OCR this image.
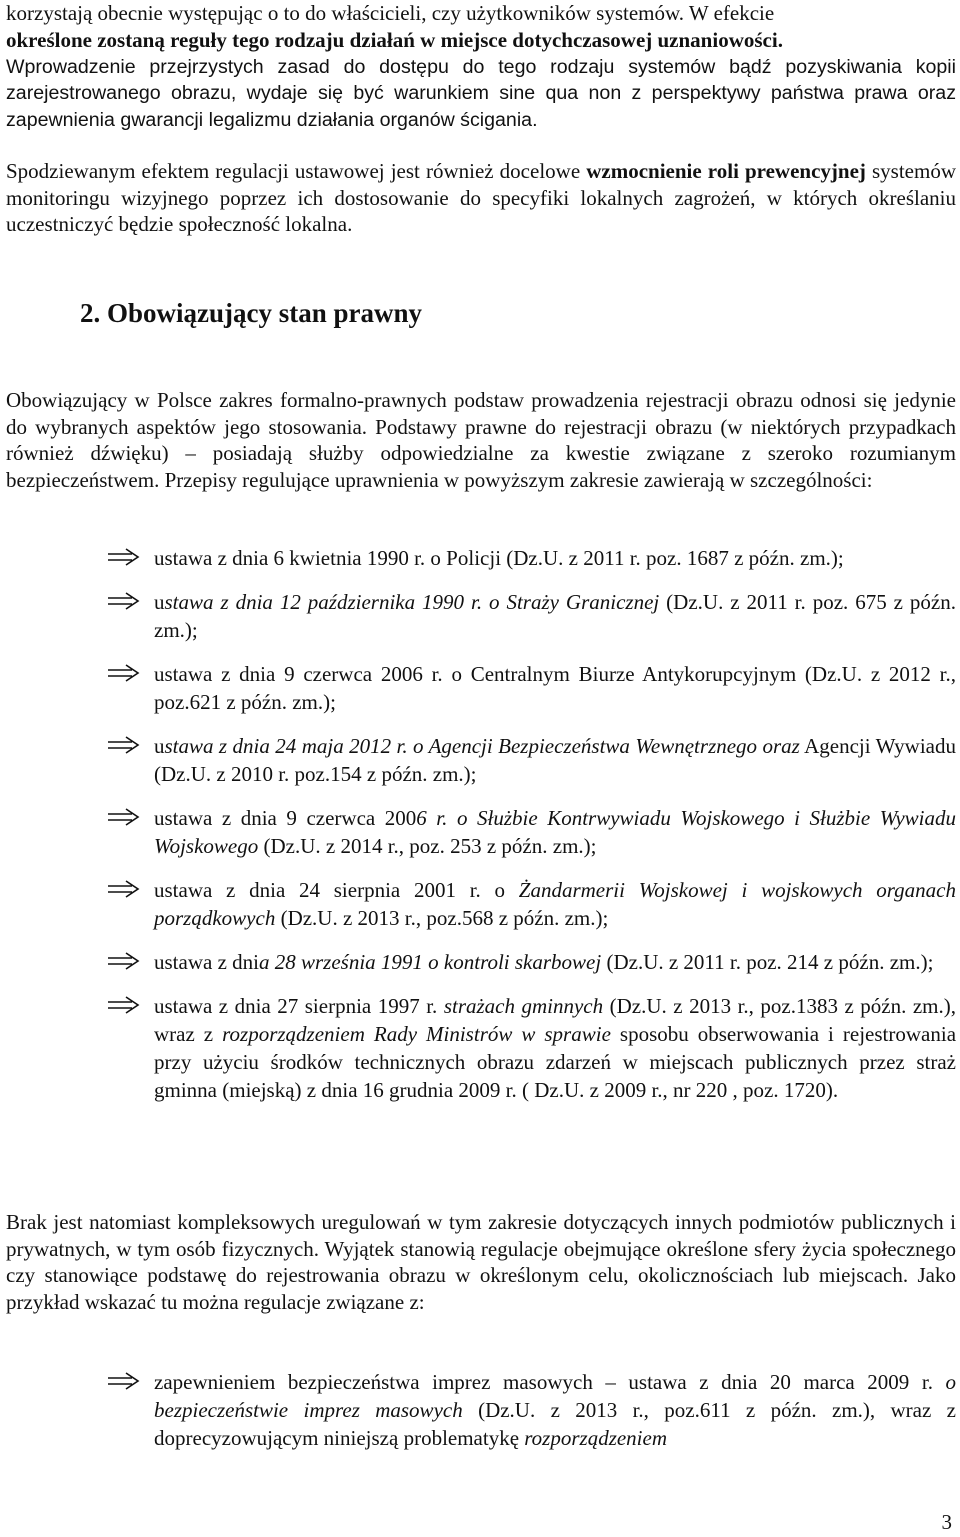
korzystają obecnie występując o to do właścicieli, czy użytkowników systemów. W efekcie
określone zostaną reguły tego rodzaju działań w miejsce dotychczasowej uznaniowości.

Wprowadzenie przejrzystych zasad do dostępu do tego rodzaju systemów bądź pozyskiwania kopii zarejestrowanego obrazu, wydaje się być warunkiem sine qua non z perspektywy państwa prawa oraz zapewnienia gwarancji legalizmu działania organów ścigania.

Spodziewanym efektem regulacji ustawowej jest również docelowe wzmocnienie roli prewencyjnej systemów monitoringu wizyjnego poprzez ich dostosowanie do specyfiki lokalnych zagrożeń, w których określaniu uczestniczyć będzie społeczność lokalna.

2. Obowiązujący stan prawny

Obowiązujący w Polsce zakres formalno-prawnych podstaw prowadzenia rejestracji obrazu odnosi się jedynie do wybranych aspektów jego stosowania. Podstawy prawne do rejestracji obrazu (w niektórych przypadkach również dźwięku) – posiadają służby odpowiedzialne za kwestie związane z szeroko rozumianym bezpieczeństwem. Przepisy regulujące uprawnienia w powyższym zakresie zawierają w szczególności:

ustawa z dnia 6 kwietnia 1990 r. o Policji (Dz.U. z 2011 r. poz. 1687 z późn. zm.);

ustawa z dnia 12 października 1990 r. o Straży Granicznej (Dz.U. z 2011 r. poz. 675 z późn. zm.);

ustawa z dnia 9 czerwca 2006 r. o Centralnym Biurze Antykorupcyjnym (Dz.U. z 2012 r., poz.621 z późn. zm.);

ustawa z dnia 24 maja 2012 r. o Agencji Bezpieczeństwa Wewnętrznego oraz Agencji Wywiadu (Dz.U. z 2010 r. poz.154 z późn. zm.);

ustawa z dnia 9 czerwca 2006 r. o Służbie Kontrwywiadu Wojskowego i Służbie Wywiadu Wojskowego (Dz.U. z 2014 r., poz. 253 z późn. zm.);

ustawa z dnia 24 sierpnia 2001 r. o Żandarmerii Wojskowej i wojskowych organach porządkowych (Dz.U. z 2013 r., poz.568 z późn. zm.);

ustawa z dnia 28 września 1991 o kontroli skarbowej (Dz.U. z 2011 r. poz. 214 z późn. zm.);

ustawa z dnia 27 sierpnia 1997 r. strażach gminnych (Dz.U. z 2013 r., poz.1383 z późn. zm.), wraz z rozporządzeniem Rady Ministrów w sprawie sposobu obserwowania i rejestrowania przy użyciu środków technicznych obrazu zdarzeń w miejscach publicznych przez straż gminna (miejską) z dnia 16 grudnia 2009 r. ( Dz.U. z 2009 r., nr 220 , poz. 1720).

Brak jest natomiast kompleksowych uregulowań w tym zakresie dotyczących innych podmiotów publicznych i prywatnych, w tym osób fizycznych. Wyjątek stanowią regulacje obejmujące określone sfery życia społecznego czy stanowiące podstawę do rejestrowania obrazu w określonym celu, okolicznościach lub miejscach. Jako przykład wskazać tu można regulacje związane z:

zapewnieniem bezpieczeństwa imprez masowych – ustawa z dnia 20 marca 2009 r. o bezpieczeństwie imprez masowych (Dz.U. z 2013 r., poz.611 z późn. zm.), wraz z doprecyzowującym niniejszą problematykę rozporządzeniem

3
